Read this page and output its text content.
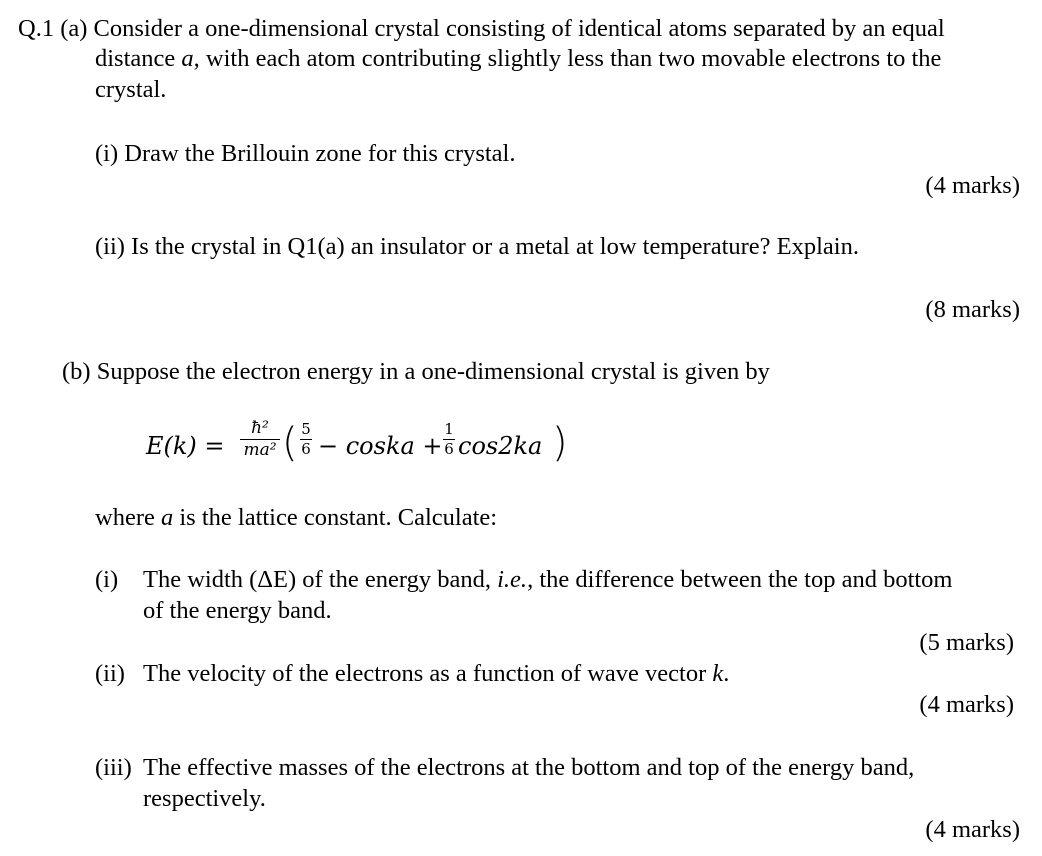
Q.1 (a) Consider a one-dimensional crystal consisting of identical atoms separated by an equal
distance a, with each atom contributing slightly less than two movable electrons to the
crystal.
(i) Draw the Brillouin zone for this crystal.
(4 marks)
(ii) Is the crystal in Q1(a) an insulator or a metal at low temperature? Explain.
(8 marks)
(b) Suppose the electron energy in a one-dimensional crystal is given by
E(k) =
ħ²
ma² ( 5
6 − coska +
1
6 cos2ka )
where a is the lattice constant. Calculate:
(i) The width (ΔE) of the energy band, i.e., the difference between the top and bottom
of the energy band.
(5 marks)
(ii) The velocity of the electrons as a function of wave vector k.
(4 marks)
(iii) The effective masses of the electrons at the bottom and top of the energy band,
respectively.
(4 marks)
